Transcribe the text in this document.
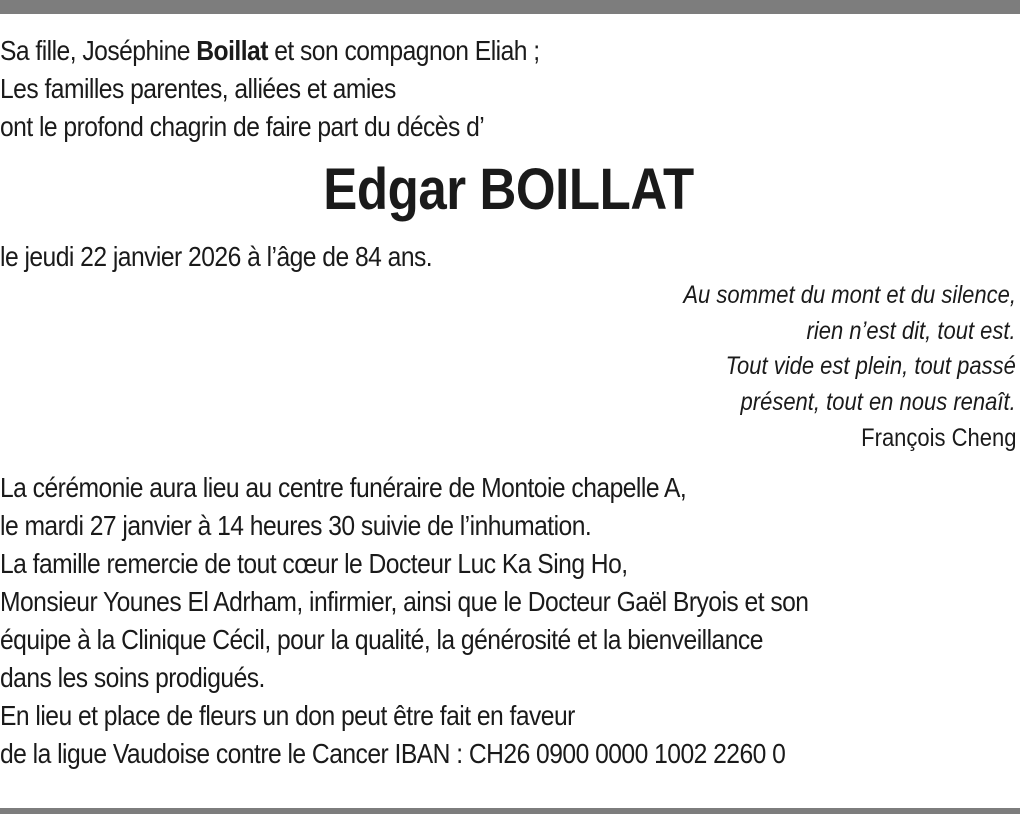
Sa fille, Joséphine Boillat et son compagnon Eliah ;
Les familles parentes, alliées et amies
ont le profond chagrin de faire part du décès d’
Edgar BOILLAT
le jeudi 22 janvier 2026 à l’âge de 84 ans.
Au sommet du mont et du silence,
rien n’est dit, tout est.
Tout vide est plein, tout passé
présent, tout en nous renaît.
François Cheng
La cérémonie aura lieu au centre funéraire de Montoie chapelle A,
le mardi 27 janvier à 14 heures 30 suivie de l’inhumation.
La famille remercie de tout cœur le Docteur Luc Ka Sing Ho,
Monsieur Younes El Adrham, infirmier, ainsi que le Docteur Gaël Bryois et son
équipe à la Clinique Cécil, pour la qualité, la générosité et la bienveillance
dans les soins prodigués.
En lieu et place de fleurs un don peut être fait en faveur
de la ligue Vaudoise contre le Cancer IBAN : CH26 0900 0000 1002 2260 0
